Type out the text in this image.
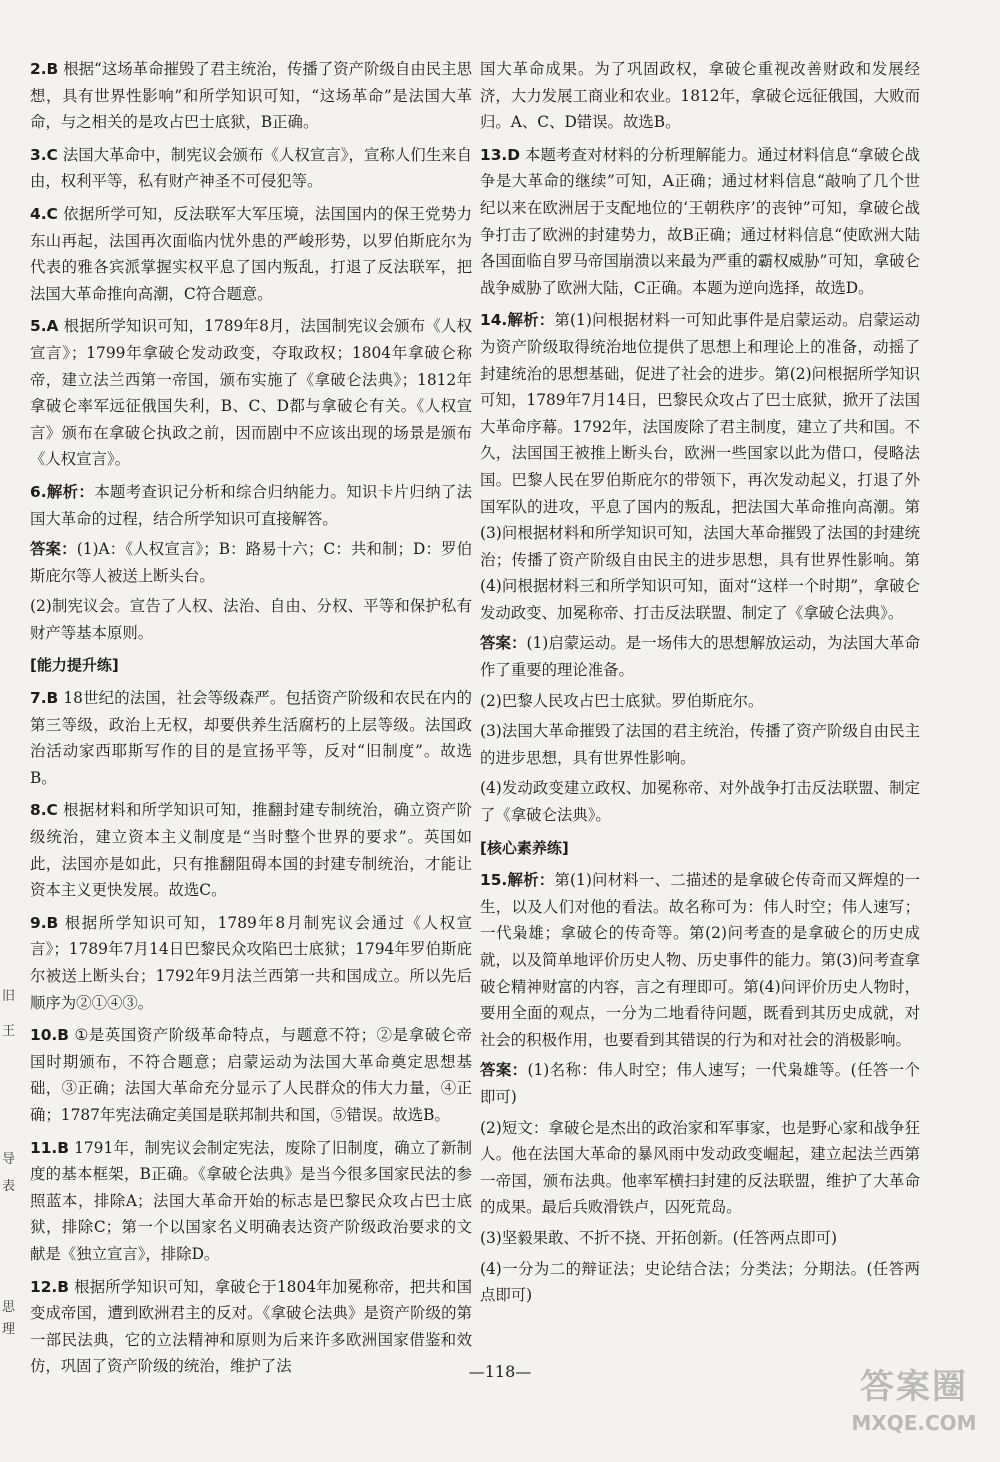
2.B 根据“这场革命摧毁了君主统治，传播了资产阶级自由民主思想，具有世界性影响”和所学知识可知，“这场革命”是法国大革命，与之相关的是攻占巴士底狱，B正确。

3.C 法国大革命中，制宪议会颁布《人权宣言》，宣称人们生来自由，权利平等，私有财产神圣不可侵犯等。

4.C 依据所学可知，反法联军大军压境，法国国内的保王党势力东山再起，法国再次面临内忧外患的严峻形势，以罗伯斯庇尔为代表的雅各宾派掌握实权平息了国内叛乱，打退了反法联军，把法国大革命推向高潮，C符合题意。

5.A 根据所学知识可知，1789年8月，法国制宪议会颁布《人权宣言》；1799年拿破仑发动政变，夺取政权；1804年拿破仑称帝，建立法兰西第一帝国，颁布实施了《拿破仑法典》；1812年拿破仑率军远征俄国失利，B、C、D都与拿破仑有关。《人权宣言》颁布在拿破仑执政之前，因而剧中不应该出现的场景是颁布《人权宣言》。

6.解析：本题考查识记分析和综合归纳能力。知识卡片归纳了法国大革命的过程，结合所学知识可直接解答。

答案：(1)A：《人权宣言》；B：路易十六；C：共和制；D：罗伯斯庇尔等人被送上断头台。

(2)制宪议会。宣告了人权、法治、自由、分权、平等和保护私有财产等基本原则。

[能力提升练]

7.B 18世纪的法国，社会等级森严。包括资产阶级和农民在内的第三等级，政治上无权，却要供养生活腐朽的上层等级。法国政治活动家西耶斯写作的目的是宣扬平等，反对“旧制度”。故选B。

8.C 根据材料和所学知识可知，推翻封建专制统治，确立资产阶级统治，建立资本主义制度是“当时整个世界的要求”。英国如此，法国亦是如此，只有推翻阻碍本国的封建专制统治，才能让资本主义更快发展。故选C。

9.B 根据所学知识可知，1789年8月制宪议会通过《人权宣言》；1789年7月14日巴黎民众攻陷巴士底狱；1794年罗伯斯庇尔被送上断头台；1792年9月法兰西第一共和国成立。所以先后顺序为②①④③。

10.B ①是英国资产阶级革命特点，与题意不符；②是拿破仑帝国时期颁布，不符合题意；启蒙运动为法国大革命奠定思想基础，③正确；法国大革命充分显示了人民群众的伟大力量，④正确；1787年宪法确定美国是联邦制共和国，⑤错误。故选B。

11.B 1791年，制宪议会制定宪法，废除了旧制度，确立了新制度的基本框架，B正确。《拿破仑法典》是当今很多国家民法的参照蓝本，排除A；法国大革命开始的标志是巴黎民众攻占巴士底狱，排除C；第一个以国家名义明确表达资产阶级政治要求的文献是《独立宣言》，排除D。

12.B 根据所学知识可知，拿破仑于1804年加冕称帝，把共和国变成帝国，遭到欧洲君主的反对。《拿破仑法典》是资产阶级的第一部民法典，它的立法精神和原则为后来许多欧洲国家借鉴和效仿，巩固了资产阶级的统治，维护了法

国大革命成果。为了巩固政权，拿破仑重视改善财政和发展经济，大力发展工商业和农业。1812年，拿破仑远征俄国，大败而归。A、C、D错误。故选B。

13.D 本题考查对材料的分析理解能力。通过材料信息“拿破仑战争是大革命的继续”可知，A正确；通过材料信息“敲响了几个世纪以来在欧洲居于支配地位的‘王朝秩序’的丧钟”可知，拿破仑战争打击了欧洲的封建势力，故B正确；通过材料信息“使欧洲大陆各国面临自罗马帝国崩溃以来最为严重的霸权威胁”可知，拿破仑战争威胁了欧洲大陆，C正确。本题为逆向选择，故选D。

14.解析：第(1)问根据材料一可知此事件是启蒙运动。启蒙运动为资产阶级取得统治地位提供了思想上和理论上的准备，动摇了封建统治的思想基础，促进了社会的进步。第(2)问根据所学知识可知，1789年7月14日，巴黎民众攻占了巴士底狱，掀开了法国大革命序幕。1792年，法国废除了君主制度，建立了共和国。不久，法国国王被推上断头台，欧洲一些国家以此为借口，侵略法国。巴黎人民在罗伯斯庇尔的带领下，再次发动起义，打退了外国军队的进攻，平息了国内的叛乱，把法国大革命推向高潮。第(3)问根据材料和所学知识可知，法国大革命摧毁了法国的封建统治；传播了资产阶级自由民主的进步思想，具有世界性影响。第(4)问根据材料三和所学知识可知，面对“这样一个时期”，拿破仑发动政变、加冕称帝、打击反法联盟、制定了《拿破仑法典》。

答案：(1)启蒙运动。是一场伟大的思想解放运动，为法国大革命作了重要的理论准备。

(2)巴黎人民攻占巴士底狱。罗伯斯庇尔。

(3)法国大革命摧毁了法国的君主统治，传播了资产阶级自由民主的进步思想，具有世界性影响。

(4)发动政变建立政权、加冕称帝、对外战争打击反法联盟、制定了《拿破仑法典》。

[核心素养练]

15.解析：第(1)问材料一、二描述的是拿破仑传奇而又辉煌的一生，以及人们对他的看法。故名称可为：伟人时空；伟人速写；一代枭雄；拿破仑的传奇等。第(2)问考查的是拿破仑的历史成就，以及简单地评价历史人物、历史事件的能力。第(3)问考查拿破仑精神财富的内容，言之有理即可。第(4)问评价历史人物时，要用全面的观点，一分为二地看待问题，既看到其历史成就，对社会的积极作用，也要看到其错误的行为和对社会的消极影响。

答案：(1)名称：伟人时空；伟人速写；一代枭雄等。(任答一个即可)

(2)短文：拿破仑是杰出的政治家和军事家，也是野心家和战争狂人。他在法国大革命的暴风雨中发动政变崛起，建立起法兰西第一帝国，颁布法典。他率军横扫封建的反法联盟，维护了大革命的成果。最后兵败滑铁卢，囚死荒岛。

(3)坚毅果敢、不折不挠、开拓创新。(任答两点即可)

(4)一分为二的辩证法；史论结合法；分类法；分期法。(任答两点即可)

旧
王
导
表
思
理
—118—	答案圈
MXQE.COM
